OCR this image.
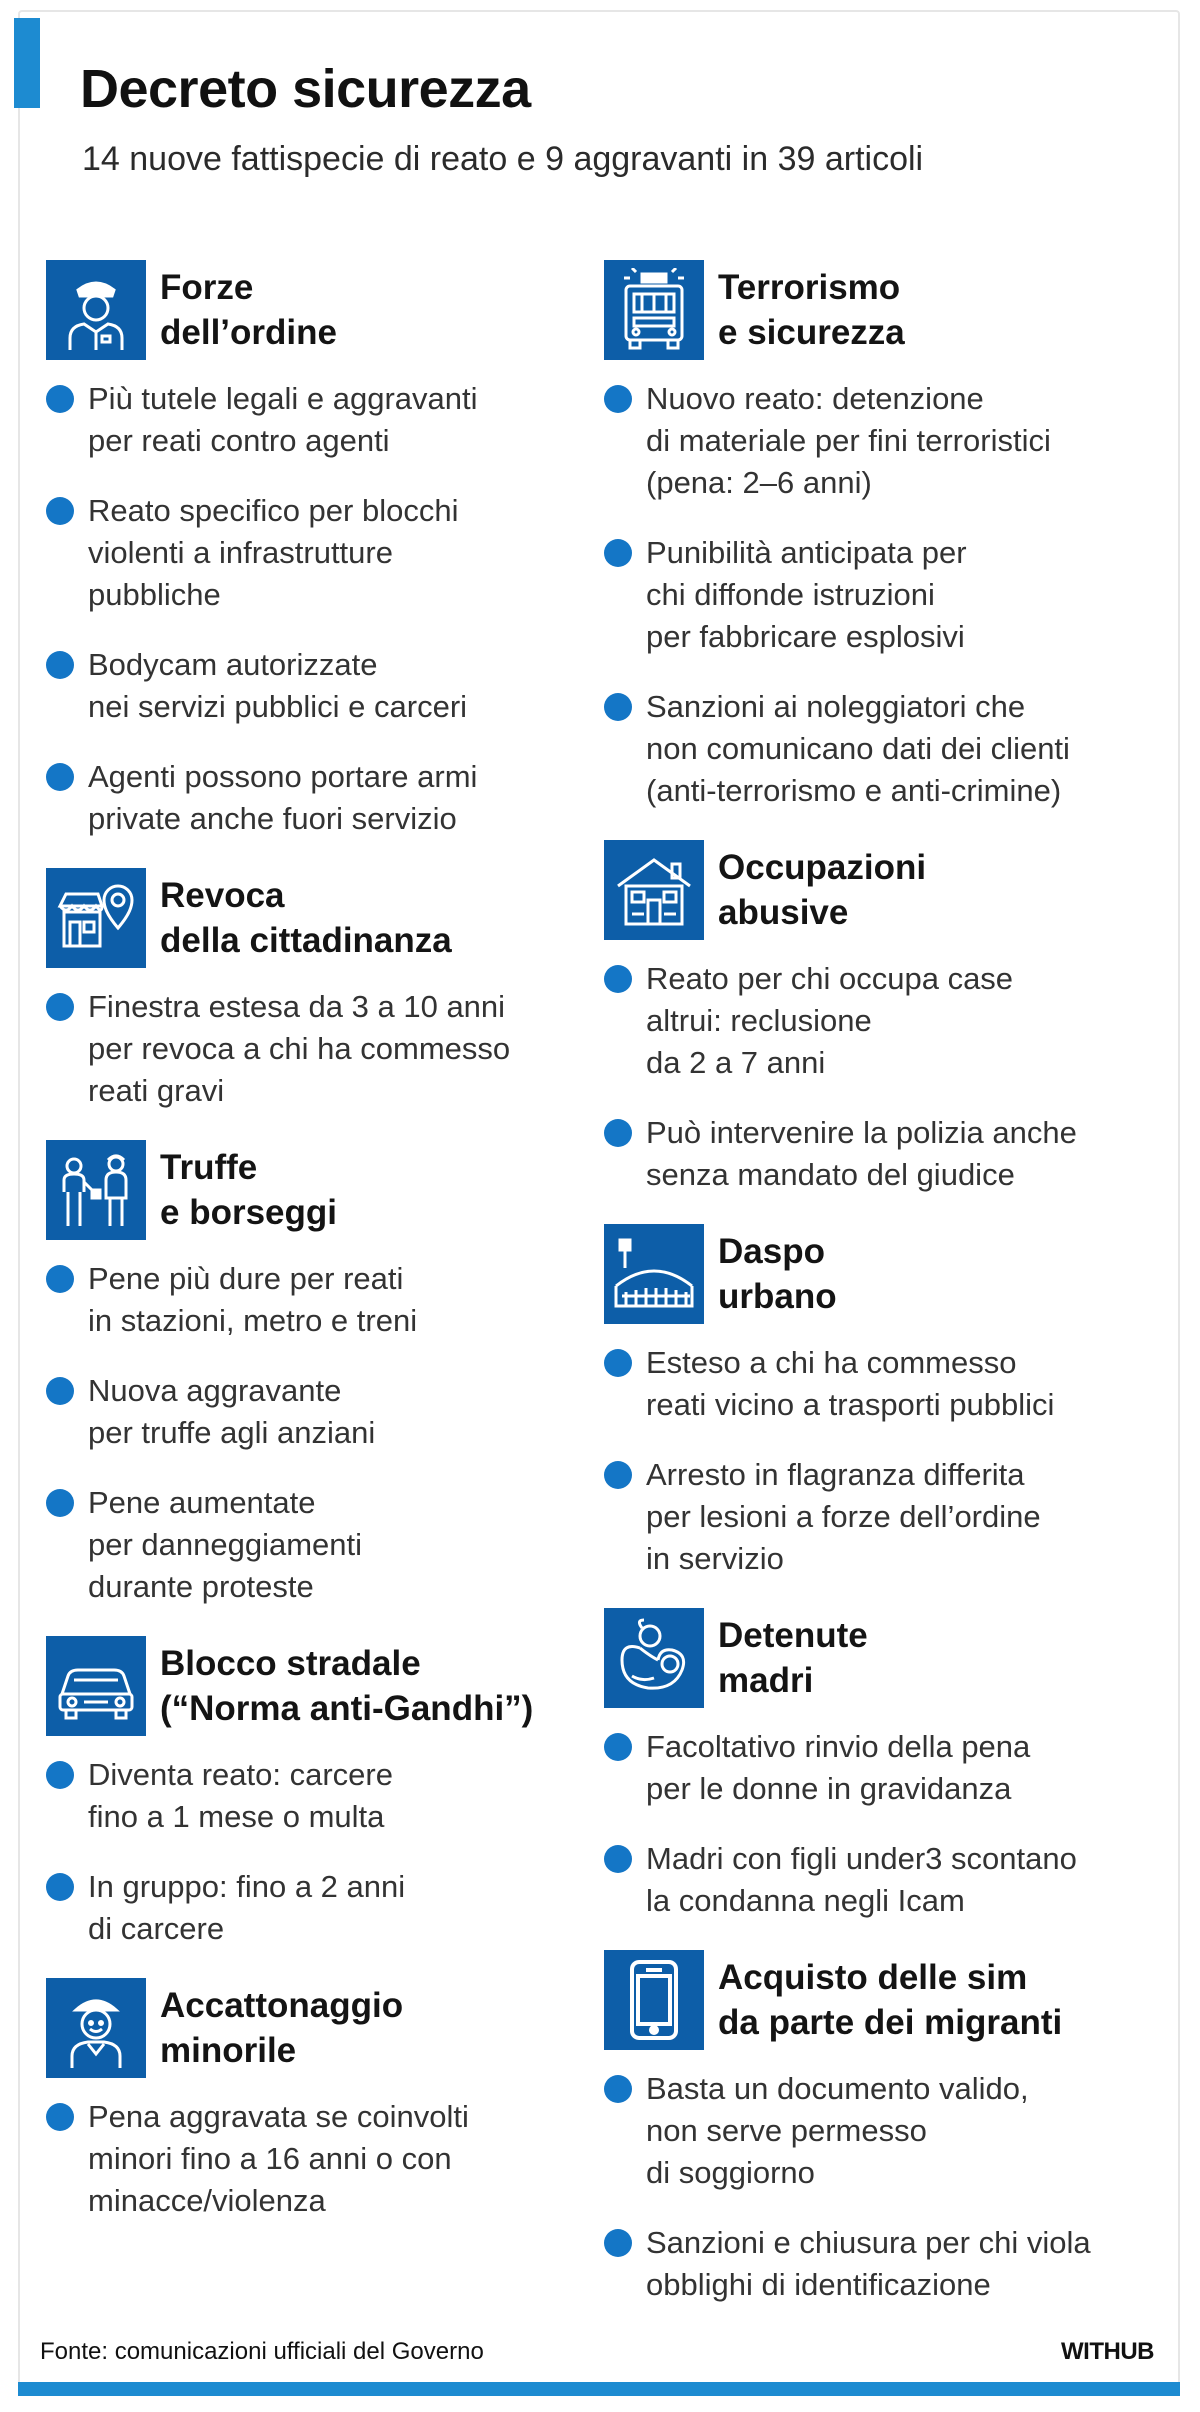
Decreto sicurezza
14 nuove fattispecie di reato e 9 aggravanti in 39 articoli
Forze
dell’ordine
Più tutele legali e aggravanti
per reati contro agenti
Reato specifico per blocchi
violenti a infrastrutture
pubbliche
Bodycam autorizzate
nei servizi pubblici e carceri
Agenti possono portare armi
private anche fuori servizio
Revoca
della cittadinanza
Finestra estesa da 3 a 10 anni
per revoca a chi ha commesso
reati gravi
Truffe
e borseggi
Pene più dure per reati
in stazioni, metro e treni
Nuova aggravante
per truffe agli anziani
Pene aumentate
per danneggiamenti
durante proteste
Blocco stradale
(“Norma anti-Gandhi”)
Diventa reato: carcere
fino a 1 mese o multa
In gruppo: fino a 2 anni
di carcere
Accattonaggio
minorile
Pena aggravata se coinvolti
minori fino a 16 anni o con
minacce/violenza
Terrorismo
e sicurezza
Nuovo reato: detenzione
di materiale per fini terroristici
(pena: 2–6 anni)
Punibilità anticipata per
chi diffonde istruzioni
per fabbricare esplosivi
Sanzioni ai noleggiatori che
non comunicano dati dei clienti
(anti-terrorismo e anti-crimine)
Occupazioni
abusive
Reato per chi occupa case
altrui: reclusione
da 2 a 7 anni
Può intervenire la polizia anche
senza mandato del giudice
Daspo
urbano
Esteso a chi ha commesso
reati vicino a trasporti pubblici
Arresto in flagranza differita
per lesioni a forze dell’ordine
in servizio
Detenute
madri
Facoltativo rinvio della pena
per le donne in gravidanza
Madri con figli under3 scontano
la condanna negli Icam
Acquisto delle sim
da parte dei migranti
Basta un documento valido,
non serve permesso
di soggiorno
Sanzioni e chiusura per chi viola
obblighi di identificazione
Fonte: comunicazioni ufficiali del Governo	WITHUB
